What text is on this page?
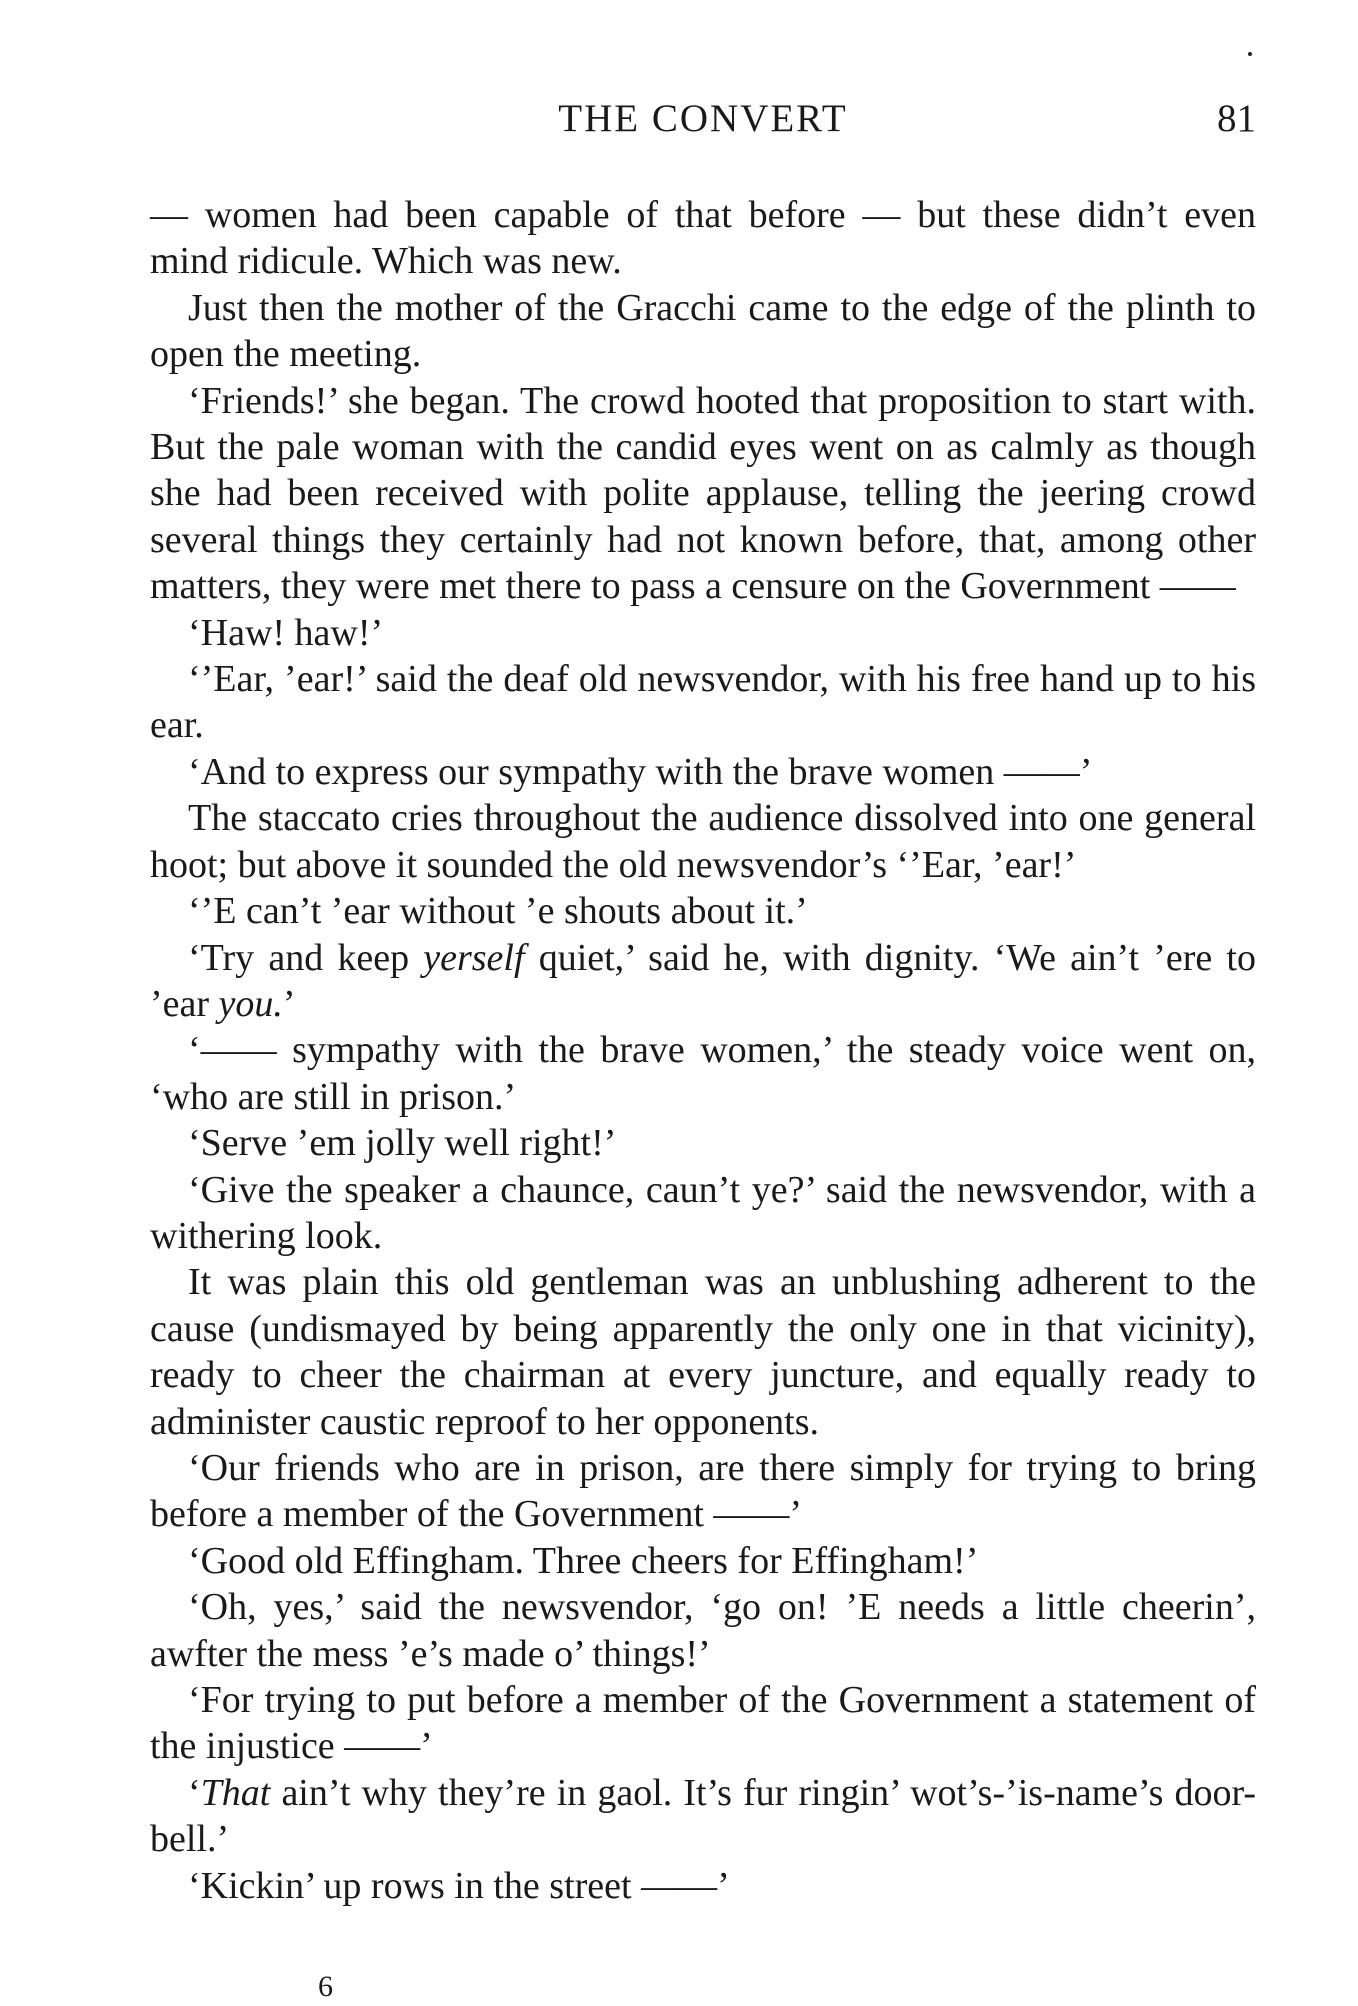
THE CONVERT	81

— women had been capable of that before — but these didn’t even mind ridicule. Which was new.

Just then the mother of the Gracchi came to the edge of the plinth to open the meeting.

‘Friends!’ she began. The crowd hooted that proposition to start with. But the pale woman with the candid eyes went on as calmly as though she had been received with polite applause, telling the jeering crowd several things they certainly had not known before, that, among other matters, they were met there to pass a censure on the Government ——

‘Haw! haw!’

‘’Ear, ’ear!’ said the deaf old newsvendor, with his free hand up to his ear.

‘And to express our sympathy with the brave women ——’

The staccato cries throughout the audience dissolved into one general hoot; but above it sounded the old newsvendor’s ‘’Ear, ’ear!’

‘’E can’t ’ear without ’e shouts about it.’

‘Try and keep yerself quiet,’ said he, with dignity. ‘We ain’t ’ere to ’ear you.’

‘—— sympathy with the brave women,’ the steady voice went on, ‘who are still in prison.’

‘Serve ’em jolly well right!’

‘Give the speaker a chaunce, caun’t ye?’ said the newsvendor, with a withering look.

It was plain this old gentleman was an unblushing adherent to the cause (undismayed by being apparently the only one in that vicinity), ready to cheer the chairman at every juncture, and equally ready to administer caustic reproof to her opponents.

‘Our friends who are in prison, are there simply for trying to bring before a member of the Government ——’

‘Good old Effingham. Three cheers for Effingham!’

‘Oh, yes,’ said the newsvendor, ‘go on! ’E needs a little cheerin’, awfter the mess ’e’s made o’ things!’

‘For trying to put before a member of the Government a statement of the injustice ——’

‘That ain’t why they’re in gaol. It’s fur ringin’ wot’s-’is-name’s door-bell.’

‘Kickin’ up rows in the street ——’

6
